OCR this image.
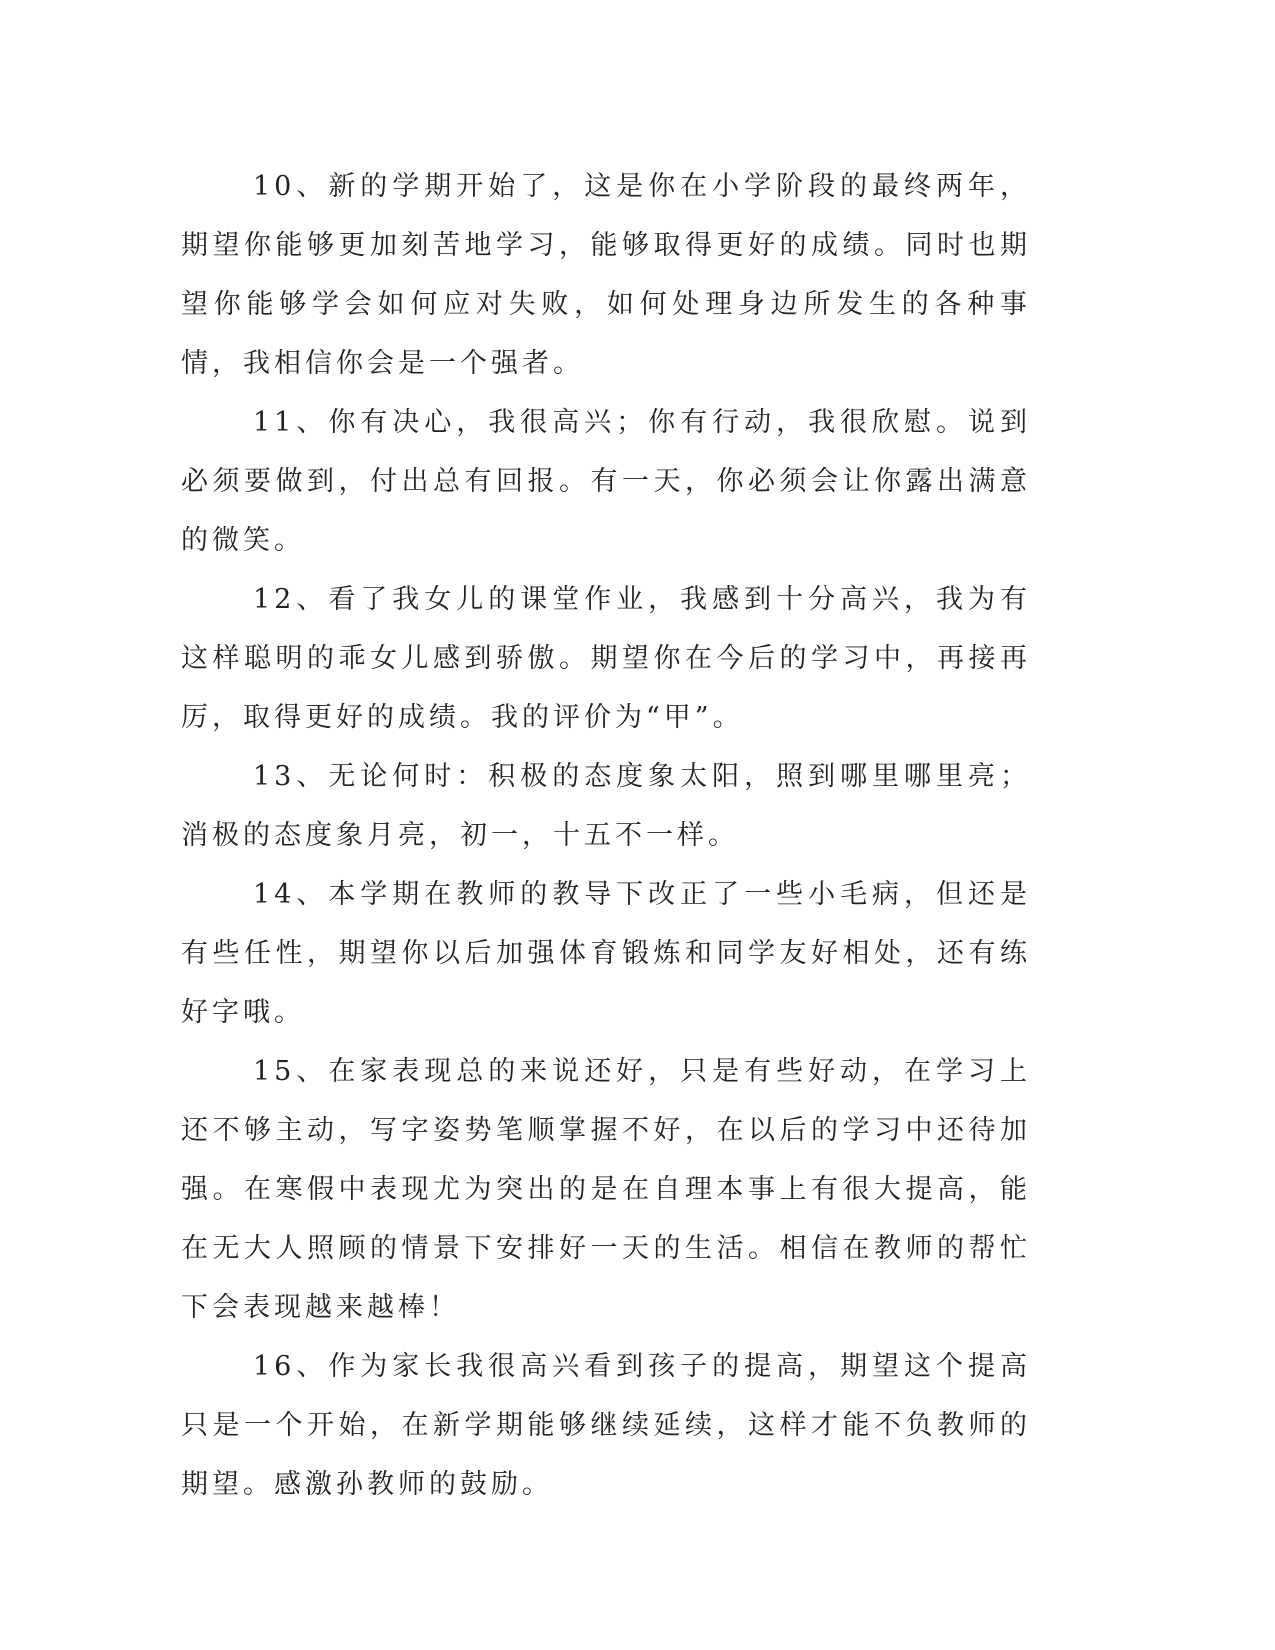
10、新的学期开始了，这是你在小学阶段的最终两年，期望你能够更加刻苦地学习，能够取得更好的成绩。同时也期望你能够学会如何应对失败，如何处理身边所发生的各种事情，我相信你会是一个强者。

11、你有决心，我很高兴；你有行动，我很欣慰。说到必须要做到，付出总有回报。有一天，你必须会让你露出满意的微笑。

12、看了我女儿的课堂作业，我感到十分高兴，我为有这样聪明的乖女儿感到骄傲。期望你在今后的学习中，再接再厉，取得更好的成绩。我的评价为“甲”。

13、无论何时：积极的态度象太阳，照到哪里哪里亮；消极的态度象月亮，初一，十五不一样。

14、本学期在教师的教导下改正了一些小毛病，但还是有些任性，期望你以后加强体育锻炼和同学友好相处，还有练好字哦。

15、在家表现总的来说还好，只是有些好动，在学习上还不够主动，写字姿势笔顺掌握不好，在以后的学习中还待加强。在寒假中表现尤为突出的是在自理本事上有很大提高，能在无大人照顾的情景下安排好一天的生活。相信在教师的帮忙下会表现越来越棒！

16、作为家长我很高兴看到孩子的提高，期望这个提高只是一个开始，在新学期能够继续延续，这样才能不负教师的期望。感激孙教师的鼓励。
